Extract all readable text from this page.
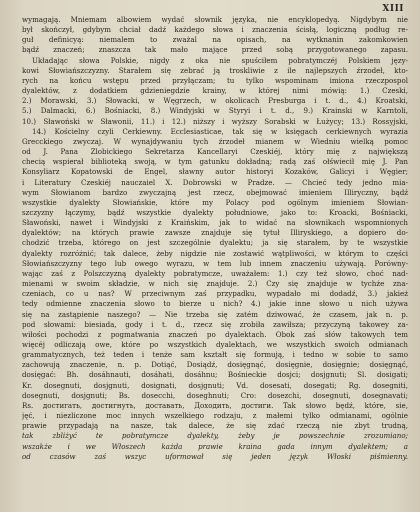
XIII
wymagają. Mniemam albowiem wydać słownik języka, nie encyklopedyą. Nigdybym nie
był skończył, gdybym chciał dadź każdego słowa i znaczenia ścisłą, logiczną podług re-
guł definicyą: niemalem to zważal na opisach, na wytknanin zakomkowien
bądź znaczeń; znaszcza tak mało mające przed sobą przygotowanego zapasu.
Układając słowa Polskie, nigdy z oka nie spuściłem pobratymczéj Polskiem języ-
kowi Słowiańszczyzny. Starałem się zebrać ją troskliwie z ile najlepszych źrzodeł, kto-
rych na końcu wstępu przed przyłączam; tu tylko wspominam imiona rzeczpospol
dyalektów, z dodatkiem gdzieniegdzie krainy, w której nimi mówią: 1.) Czeski,
2.) Morawski, 3.) Słowacki, w Węgrzech, w okolicach Presburga i t. d., 4.) Kroatski,
5.) Dalmacki, 6.) Bośniacki, 8.) Windyjski w Styryi i t. d., 9.) Krainski w Karntoli,
10.) Sławoński w Sławonii, 11.) i 12.) niższy i wyższy Sorabski w Łużycy; 13.) Rossyjski,
14.) Kościelny czyli Cerkiewny. Ecclesiasticae, tak się w księgach cerkiewnych wyrazia
Grecckiego zwyczaj. W wynajdywaniu tych źrzodeł mianem w Wiedniu wielką pomoc
od J. Pana Zlobickiego Sekretarza Kancellaryi Czeskiéj, który mię z największą
checią wspierał biblioteką swoją, w tym gatunku dokładną; radą zaś ołświecił mię J. Pan
Konsyliarz Kopatowski de Engel, sławny autor historyi Kozaków, Galicyi i Węgier;
i Literatury Czeskiéj nauczaiel X. Dobrowski w Pradze. — Chcieć tedy jedno mia-
wym Słowianom bardzo zwyczajną jest rzecz, obejmować imieniem Illiryczny, bądź
wszystkie dyalekty Słowiańskie, które my Polacy pod ogólnym imieniem Słowian-
szczyzny łączymy, bądź wszystkie dyalekty południowe, jako to: Kroacki, Bośniacki,
Sławoński, nawet i Windyjski z Kraińskim, jak to widać na słownikach wspomnionych
dyalektów; na których prawie zawsze znajduje się tytuł Illiryskiego, a dopiero do-
chodzić trzeba, którego on jest szczególnie dyalektu; ja się starałem, by te wszystkie
dyalekty rozróżnić; tak dalece, żeby nigdzie nie zostawić wątpliwości, w którym to części
Słowiańszczyzny tego lub owego wyrazu, w tem lub innem znaczeniu używają. Porówny-
wając zaś z Polszczyzną dyalekty pobratymcze, uważałem: 1.) czy też słowo, choć nad-
mienami w swoim składzie, w nich się znajduje. 2.) Czy się znajduje w tychże zna-
czeniach, co u nas? W przeciwnym zaś przypadku, wypadało mi dodadź, 3.) jakież
tedy odmienne znaczenia słowo to bierze u nich? 4.) jakie inne słowo u nich używa
się na zastąpienie naszego? — Nie trzeba się zatém dziwować, że czasem, jak n. p.
pod słowami: biesiada, gody i t. d., rzecz się zrobiła zawiłsza; przyczyną takowey za-
wiłości pochodzi z pogmatwania znaczeń po dyalektach. Obok zaś słów takowych tem
więcéj odliczają owe, które po wszystkich dyalektach, we wszystkich swoich odmianach
grammatycznych, też teden i tenże sam kształt się formują, i tedno w sobie to samo
zachowują znaczenie, n. p. Dotiąć, Dosiądź, dosięgnąć, dosięgnie, dosięgnie; dosięgnąć,
dosięgać: Bh. dosáhnauti, dosáhati, dosáhnu; Bośnieckie dosjci; dosjgnuti; Sl. dosigati;
Kr. dosegnuti, dosjgnuti, dosignati, dosjgnuti; Vd. dosesati, dosegati; Rg. dosegniti,
dosegnuti, dosjgnuti; Bs. dosecchi, doseghnuti; Cro: dosezchi, dosegnuti, dosegnavati;
Rs. достигать, достигнуть, доставать, Доходить, достиги. Tak słowo będź, które, sie,
jęć, i niezliczone moc innych wszelkiego rodzaju, z małemi tylko odmianami, ogólnie
prawie przypadają na nasze, tak dalece, że się zdać rzeczą nie zbyt trudną,
tak zbliżyć te pobratymcze dyalekty, żeby je powszechnie zrozumiano;
wszakże i we Włoszech każda prawie kraina gada innym dyalektem; a
od czasów zaś wszyc uformował się jeden język Włoski piśmienny.
